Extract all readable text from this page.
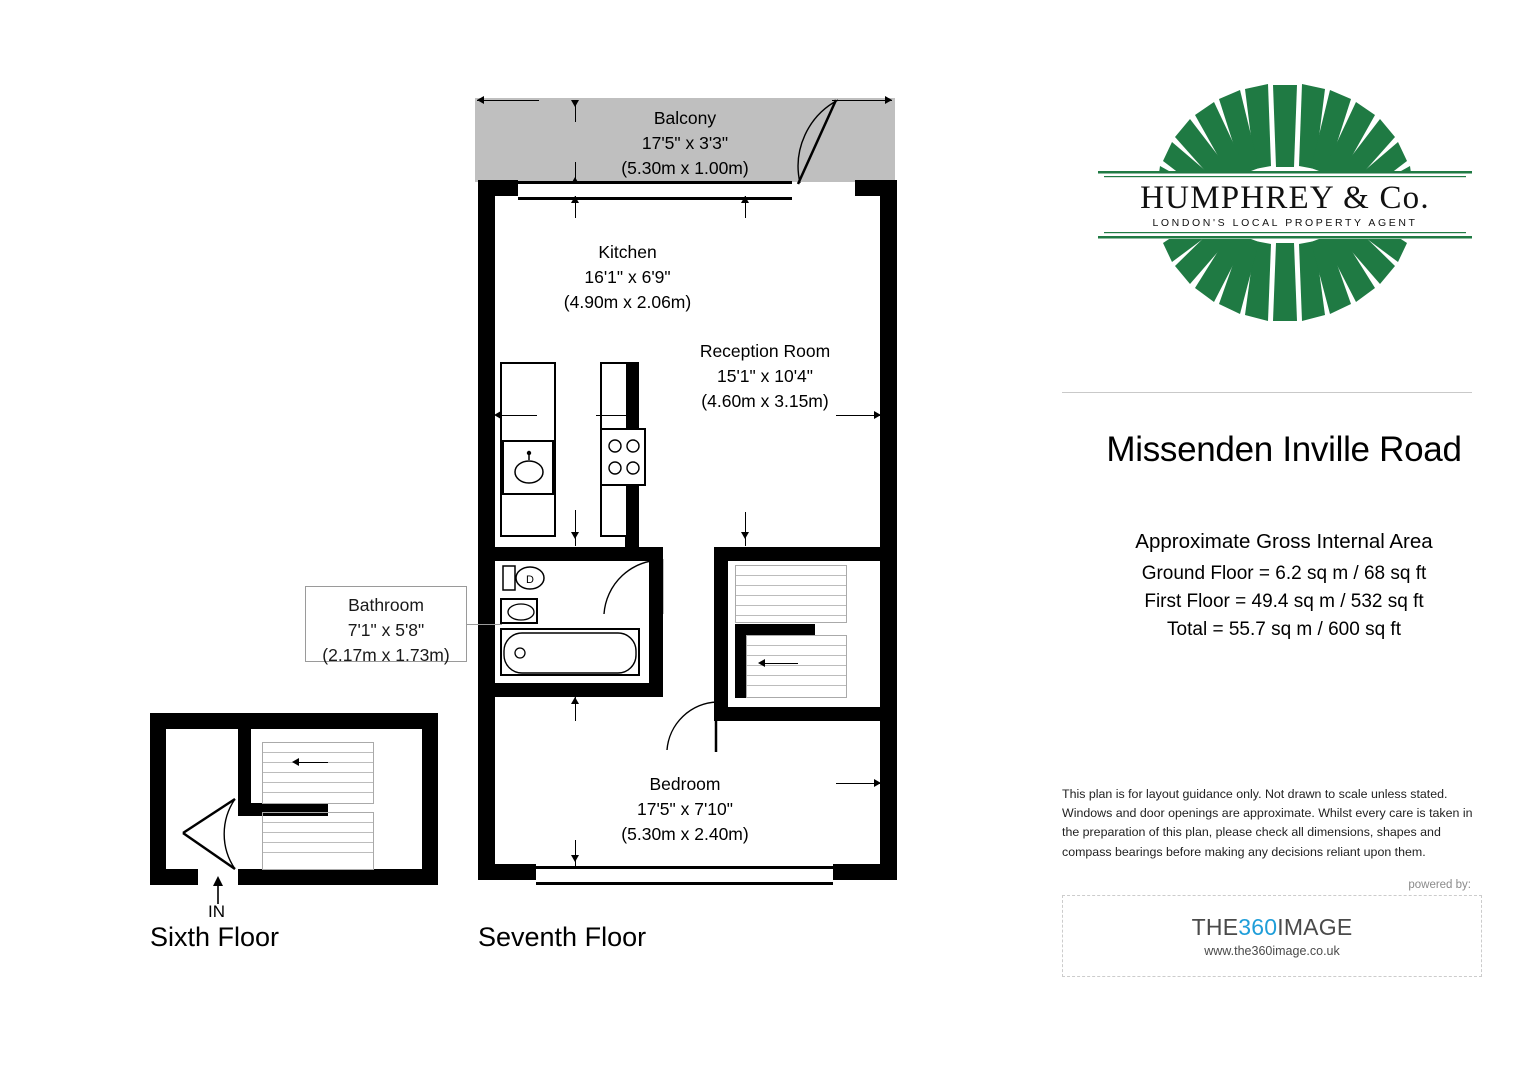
Balcony
17'5" x 3'3"
(5.30m x 1.00m)
D
Kitchen
16'1" x 6'9"
(4.90m x 2.06m)
Reception Room
15'1" x 10'4"
(4.60m x 3.15m)
Bedroom
17'5" x 7'10"
(5.30m x 2.40m)
Bathroom
7'1" x 5'8"
(2.17m x 1.73m)
IN
Sixth Floor	Seventh Floor
HUMPHREY & Co.
LONDON'S LOCAL PROPERTY AGENT
Missenden Inville Road
Approximate Gross Internal Area
Ground Floor = 6.2 sq m / 68 sq ft
First Floor = 49.4 sq m / 532 sq ft
Total = 55.7 sq m / 600 sq ft
This plan is for layout guidance only. Not drawn to scale unless stated. Windows and door openings are approximate. Whilst every care is taken in the preparation of this plan, please check all dimensions, shapes and compass bearings before making any decisions reliant upon them.
powered by:
THE360IMAGE
www.the360image.co.uk
